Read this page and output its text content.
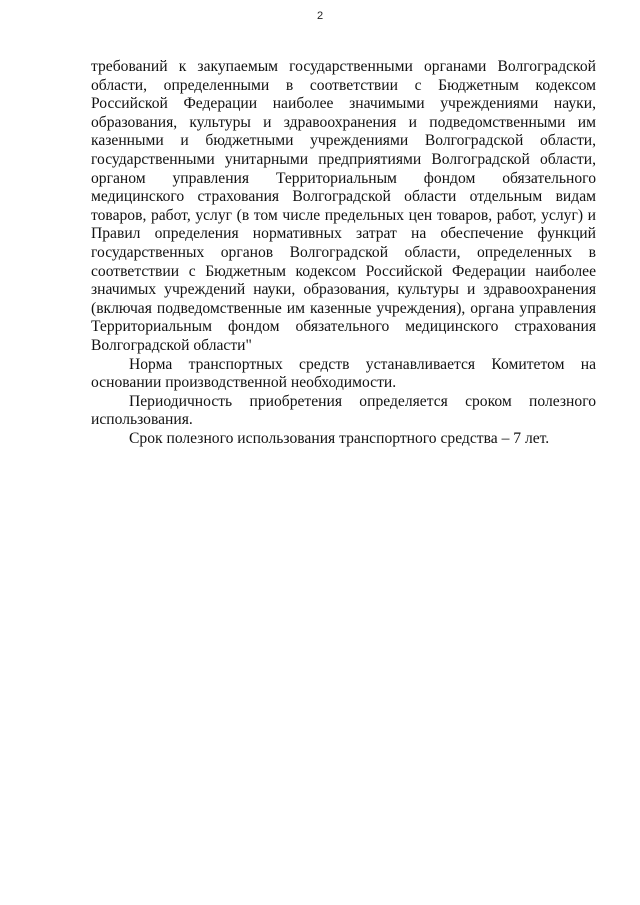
2

требований к закупаемым государственными органами Волгоградской области, определенными в соответствии с Бюджетным кодексом Российской Федерации наиболее значимыми учреждениями науки, образования, культуры и здравоохранения и подведомственными им казенными и бюджетными учреждениями Волгоградской области, государственными унитарными предприятиями Волгоградской области, органом управления Территориальным фондом обязательного медицинского страхования Волгоградской области отдельным видам товаров, работ, услуг (в том числе предельных цен товаров, работ, услуг) и Правил определения нормативных затрат на обеспечение функций государственных органов Волгоградской области, определенных в соответствии с Бюджетным кодексом Российской Федерации наиболее значимых учреждений науки, образования, культуры и здравоохранения (включая подведомственные им казенные учреждения), органа управления Территориальным фондом обязательного медицинского страхования Волгоградской области"

Норма транспортных средств устанавливается Комитетом на основании производственной необходимости.

Периодичность приобретения определяется сроком полезного использования.

Срок полезного использования транспортного средства – 7 лет.
